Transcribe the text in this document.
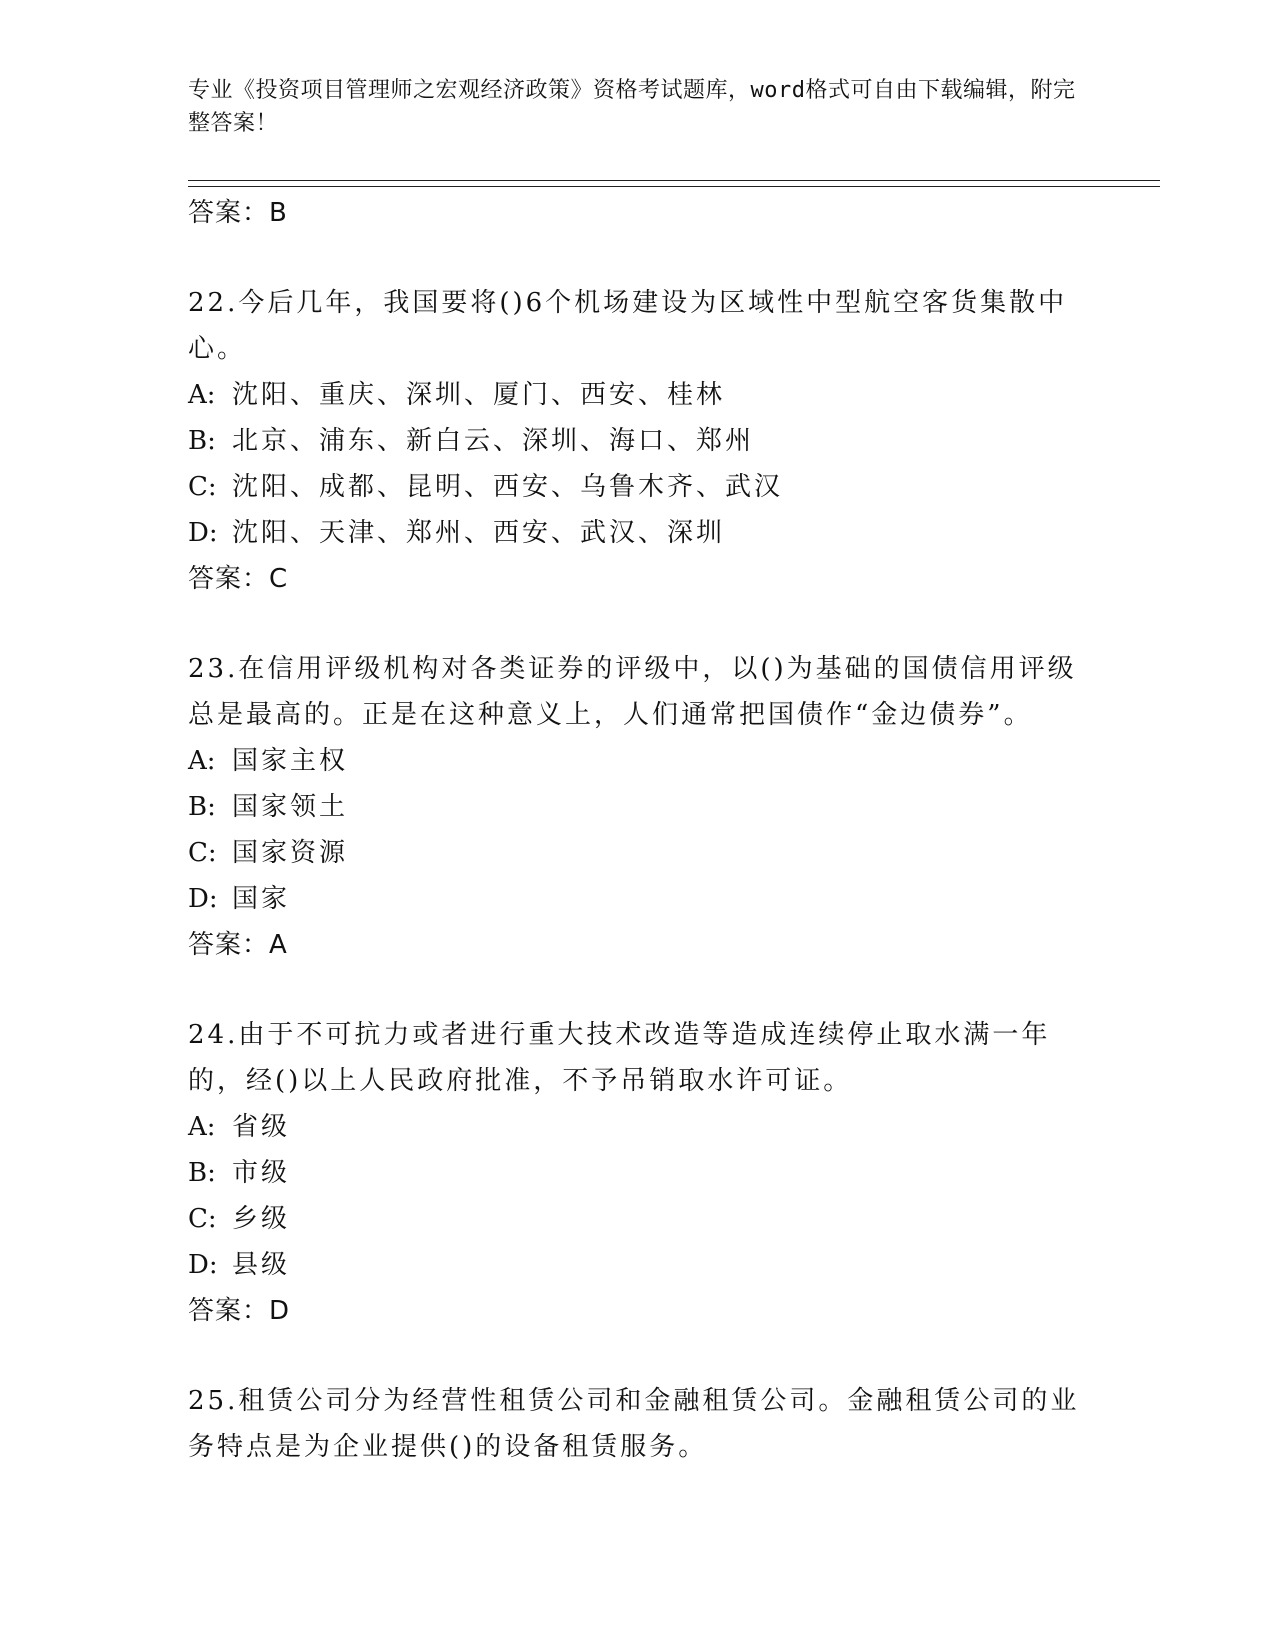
专业《投资项目管理师之宏观经济政策》资格考试题库，word格式可自由下载编辑，附完整答案！
答案：B
22.今后几年，我国要将()6个机场建设为区域性中型航空客货集散中心。
A: 沈阳、重庆、深圳、厦门、西安、桂林
B: 北京、浦东、新白云、深圳、海口、郑州
C: 沈阳、成都、昆明、西安、乌鲁木齐、武汉
D: 沈阳、天津、郑州、西安、武汉、深圳
答案：C
23.在信用评级机构对各类证券的评级中，以()为基础的国债信用评级总是最高的。正是在这种意义上，人们通常把国债作“金边债券”。
A: 国家主权
B: 国家领土
C: 国家资源
D: 国家
答案：A
24.由于不可抗力或者进行重大技术改造等造成连续停止取水满一年的，经()以上人民政府批准，不予吊销取水许可证。
A: 省级
B: 市级
C: 乡级
D: 县级
答案：D
25.租赁公司分为经营性租赁公司和金融租赁公司。金融租赁公司的业务特点是为企业提供()的设备租赁服务。
